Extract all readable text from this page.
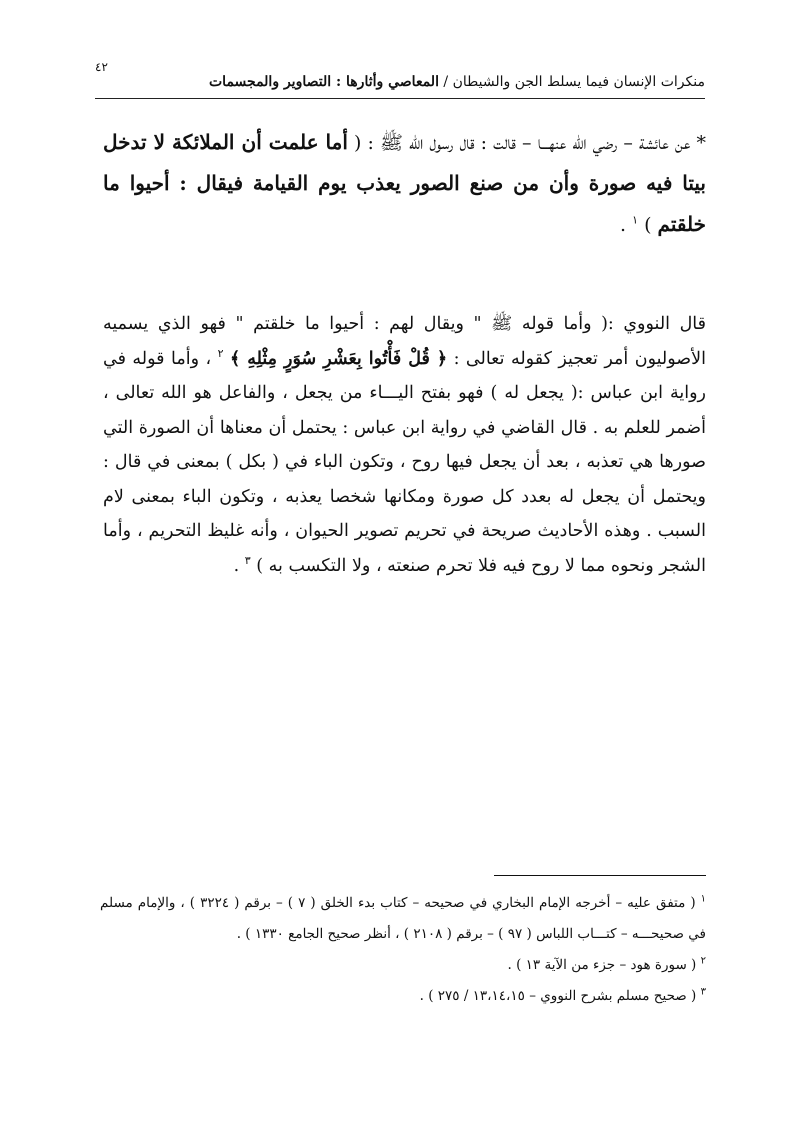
٤٢
منكرات الإنسان فيما يسلط الجن والشيطان / المعاصي وأثارها : التصاوير والمجسمات

* عن عائشة – رضي الله عنهـــا – قالت : قال رسول الله ﷺ : ( أما علمت أن الملائكة لا تدخل بيتا فيه صورة وأن من صنع الصور يعذب يوم القيامة فيقال : أحيوا ما خلقتم ) $^١$ .

قال النووي :( وأما قوله ﷺ " ويقال لهم : أحيوا ما خلقتم " فهو الذي يسميه الأصوليون أمر تعجيز كقوله تعالى : ﴿ قُلْ فَأْتُوا بِعَشْرِ سُوَرٍ مِثْلِهِ ﴾ $^٢$ ، وأما قوله في رواية ابن عباس :( يجعل له ) فهو بفتح اليـــاء من يجعل ، والفاعل هو الله تعالى ، أضمر للعلم به . قال القاضي في رواية ابن عباس : يحتمل أن معناها أن الصورة التي صورها هي تعذبه ، بعد أن يجعل فيها روح ، وتكون الباء في ( بكل ) بمعنى في قال : ويحتمل أن يجعل له بعدد كل صورة ومكانها شخصا يعذبه ، وتكون الباء بمعنى لام السبب . وهذه الأحاديث صريحة في تحريم تصوير الحيوان ، وأنه غليظ التحريم ، وأما الشجر ونحوه مما لا روح فيه فلا تحرم صنعته ، ولا التكسب به ) $^٣$ .

$^١$ ( متفق عليه – أخرجه الإمام البخاري في صحيحه – كتاب بدء الخلق ( ٧ ) – برقم ( ٣٢٢٤ ) ، والإمام مسلم في صحيحـــه – كتـــاب اللباس ( ٩٧ ) – برقم ( ٢١٠٨ ) ، أنظر صحيح الجامع ١٣٣٠ ) .

$^٢$ ( سورة هود – جزء من الآية ١٣ ) .

$^٣$ ( صحيح مسلم بشرح النووي – ١٣،١٤،١٥ / ٢٧٥ ) .
